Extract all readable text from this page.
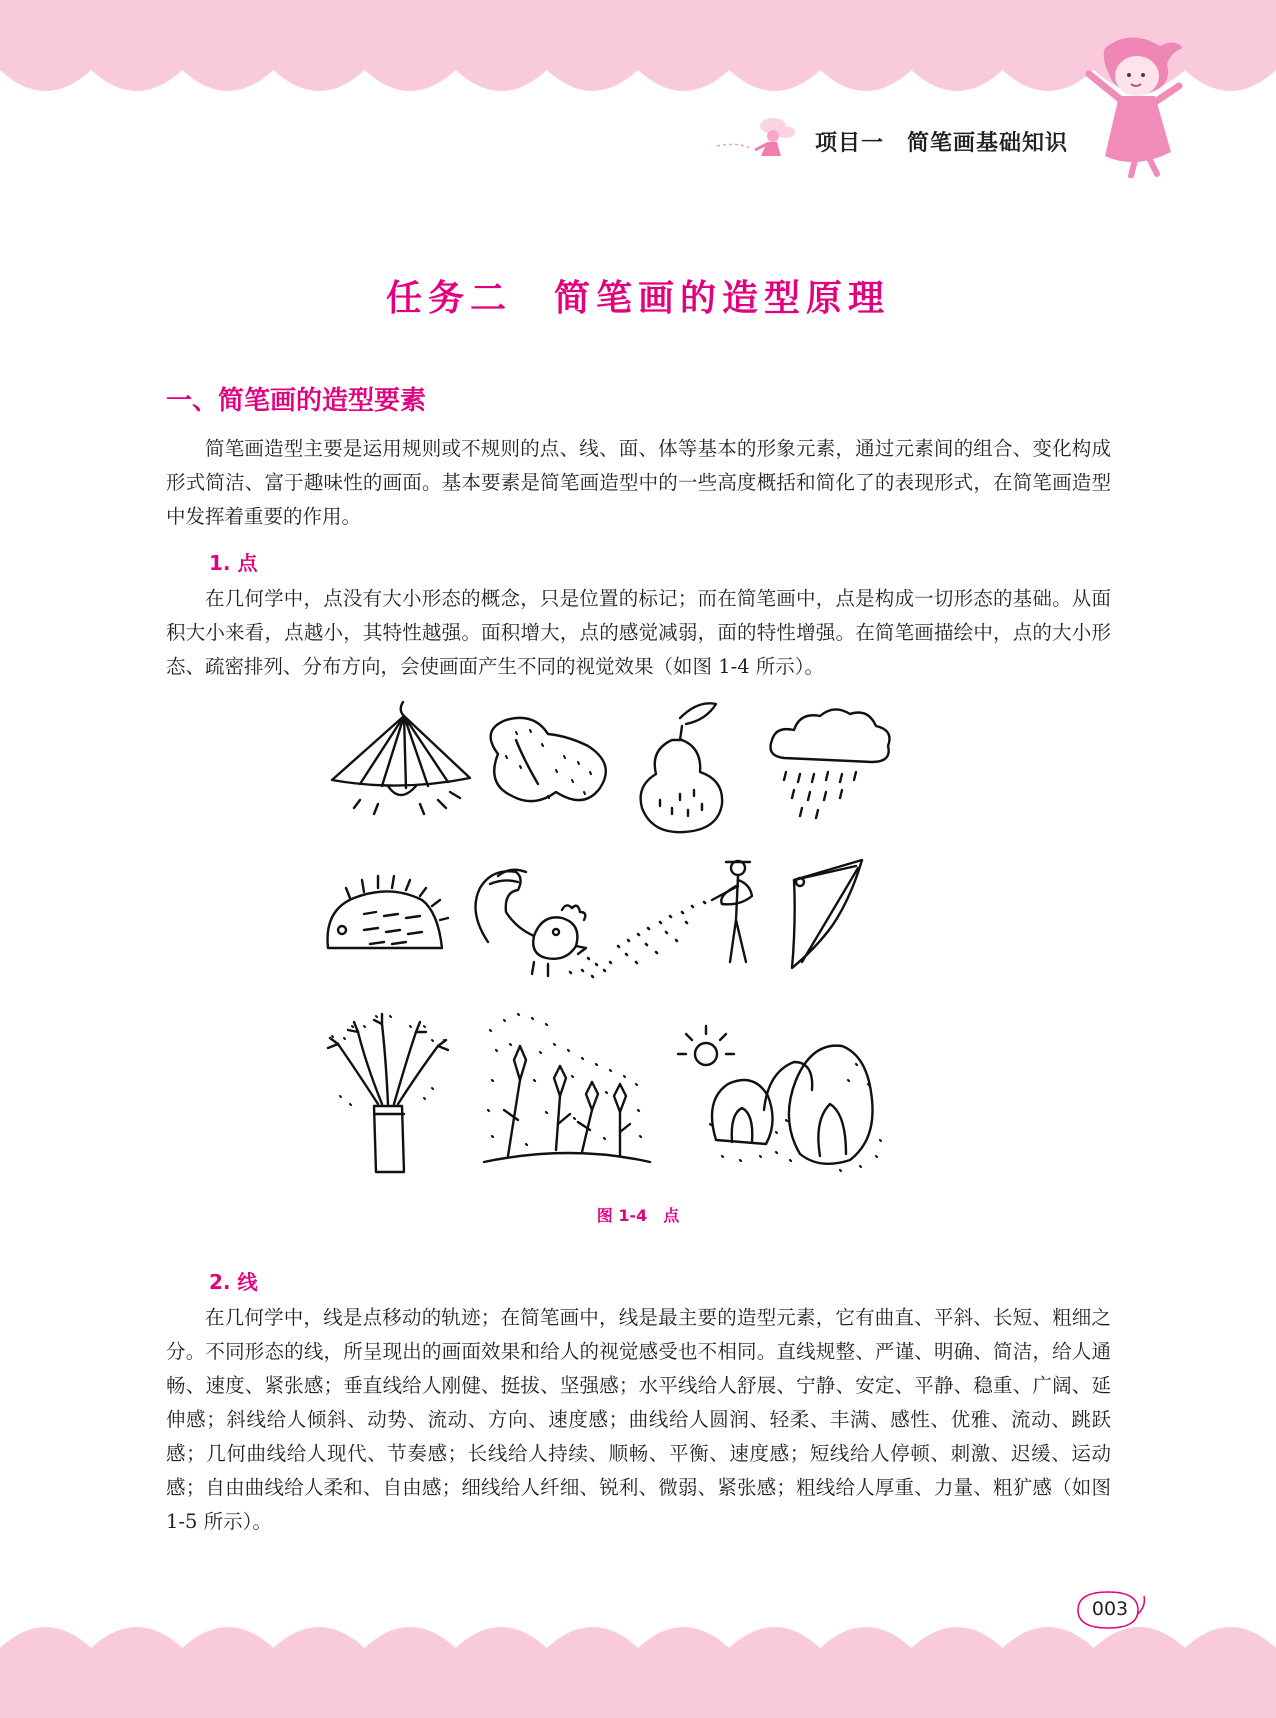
项目一　简笔画基础知识
任务二　简笔画的造型原理
一、简笔画的造型要素

简笔画造型主要是运用规则或不规则的点、线、面、体等基本的形象元素，通过元素间的组合、变化构成形式简洁、富于趣味性的画面。基本要素是简笔画造型中的一些高度概括和简化了的表现形式，在简笔画造型中发挥着重要的作用。

1. 点

在几何学中，点没有大小形态的概念，只是位置的标记；而在简笔画中，点是构成一切形态的基础。从面积大小来看，点越小，其特性越强。面积增大，点的感觉减弱，面的特性增强。在简笔画描绘中，点的大小形态、疏密排列、分布方向，会使画面产生不同的视觉效果（如图 1-4 所示）。

图 1-4　点
2. 线

在几何学中，线是点移动的轨迹；在简笔画中，线是最主要的造型元素，它有曲直、平斜、长短、粗细之分。不同形态的线，所呈现出的画面效果和给人的视觉感受也不相同。直线规整、严谨、明确、简洁，给人通畅、速度、紧张感；垂直线给人刚健、挺拔、坚强感；水平线给人舒展、宁静、安定、平静、稳重、广阔、延伸感；斜线给人倾斜、动势、流动、方向、速度感；曲线给人圆润、轻柔、丰满、感性、优雅、流动、跳跃感；几何曲线给人现代、节奏感；长线给人持续、顺畅、平衡、速度感；短线给人停顿、刺激、迟缓、运动感；自由曲线给人柔和、自由感；细线给人纤细、锐利、微弱、紧张感；粗线给人厚重、力量、粗犷感（如图 1-5 所示）。

003
